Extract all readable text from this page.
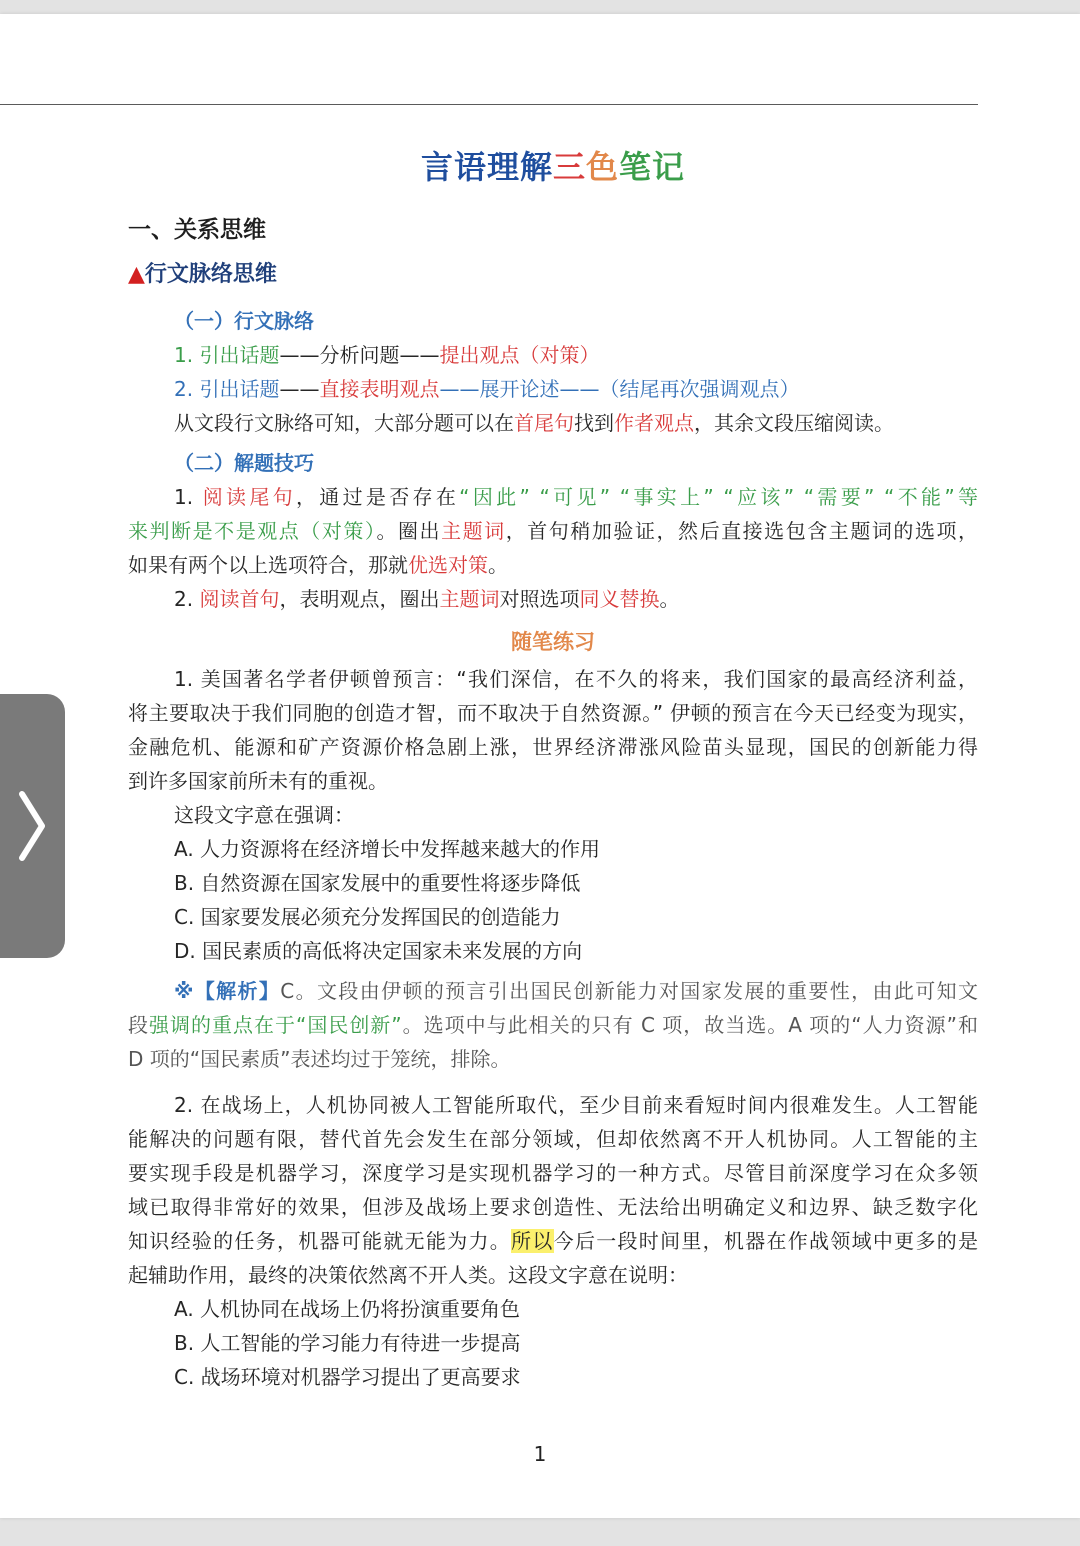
言语理解三色笔记
一、关系思维
▲行文脉络思维
（一）行文脉络
1. 引出话题——分析问题——提出观点（对策）
2. 引出话题——直接表明观点——展开论述——（结尾再次强调观点）
从文段行文脉络可知，大部分题可以在首尾句找到作者观点，其余文段压缩阅读。
（二）解题技巧
1. 阅读尾句，通过是否存在“因此” “可见” “事实上” “应该” “需要” “不能”等
来判断是不是观点（对策）。圈出主题词，首句稍加验证，然后直接选包含主题词的选项，
如果有两个以上选项符合，那就优选对策。
2. 阅读首句，表明观点，圈出主题词对照选项同义替换。
随笔练习
1. 美国著名学者伊顿曾预言：“我们深信，在不久的将来，我们国家的最高经济利益，
将主要取决于我们同胞的创造才智，而不取决于自然资源。” 伊顿的预言在今天已经变为现实，
金融危机、能源和矿产资源价格急剧上涨，世界经济滞涨风险苗头显现，国民的创新能力得
到许多国家前所未有的重视。
这段文字意在强调：
A. 人力资源将在经济增长中发挥越来越大的作用
B. 自然资源在国家发展中的重要性将逐步降低
C. 国家要发展必须充分发挥国民的创造能力
D. 国民素质的高低将决定国家未来发展的方向
※【解析】C。文段由伊顿的预言引出国民创新能力对国家发展的重要性，由此可知文
段强调的重点在于“国民创新”。选项中与此相关的只有 C 项，故当选。A 项的“人力资源”和
D 项的“国民素质”表述均过于笼统，排除。
2. 在战场上，人机协同被人工智能所取代，至少目前来看短时间内很难发生。人工智能
能解决的问题有限，替代首先会发生在部分领域，但却依然离不开人机协同。人工智能的主
要实现手段是机器学习，深度学习是实现机器学习的一种方式。尽管目前深度学习在众多领
域已取得非常好的效果，但涉及战场上要求创造性、无法给出明确定义和边界、缺乏数字化
知识经验的任务，机器可能就无能为力。所以今后一段时间里，机器在作战领域中更多的是
起辅助作用，最终的决策依然离不开人类。这段文字意在说明：
A. 人机协同在战场上仍将扮演重要角色
B. 人工智能的学习能力有待进一步提高
C. 战场环境对机器学习提出了更高要求
1
